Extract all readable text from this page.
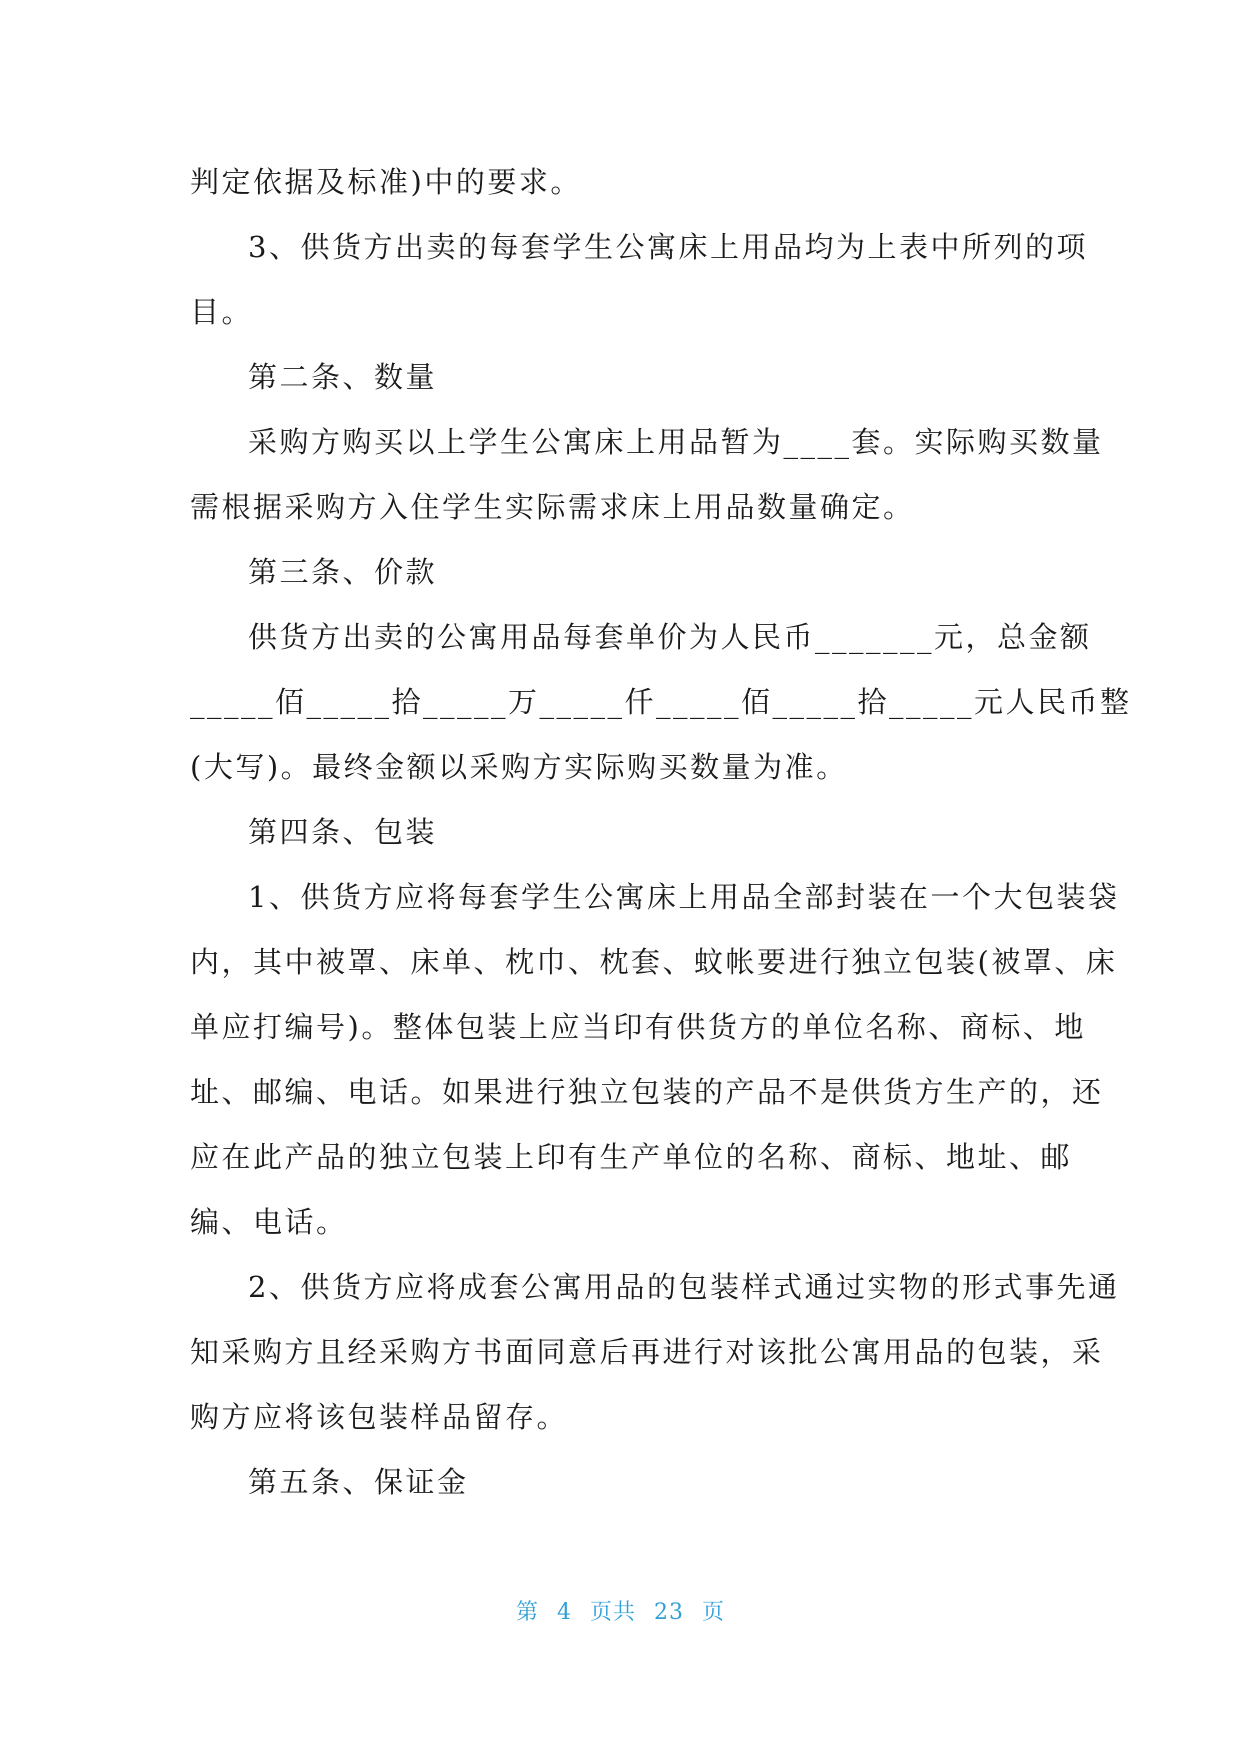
判定依据及标准)中的要求。

3、供货方出卖的每套学生公寓床上用品均为上表中所列的项

目。

第二条、数量

采购方购买以上学生公寓床上用品暂为____套。实际购买数量

需根据采购方入住学生实际需求床上用品数量确定。

第三条、价款

供货方出卖的公寓用品每套单价为人民币_______元，总金额

_____佰_____拾_____万_____仟_____佰_____拾_____元人民币整

(大写)。最终金额以采购方实际购买数量为准。

第四条、包装

1、供货方应将每套学生公寓床上用品全部封装在一个大包装袋

内，其中被罩、床单、枕巾、枕套、蚊帐要进行独立包装(被罩、床

单应打编号)。整体包装上应当印有供货方的单位名称、商标、地

址、邮编、电话。如果进行独立包装的产品不是供货方生产的，还

应在此产品的独立包装上印有生产单位的名称、商标、地址、邮

编、电话。

2、供货方应将成套公寓用品的包装样式通过实物的形式事先通

知采购方且经采购方书面同意后再进行对该批公寓用品的包装，采

购方应将该包装样品留存。

第五条、保证金

第 4 页共 23 页
